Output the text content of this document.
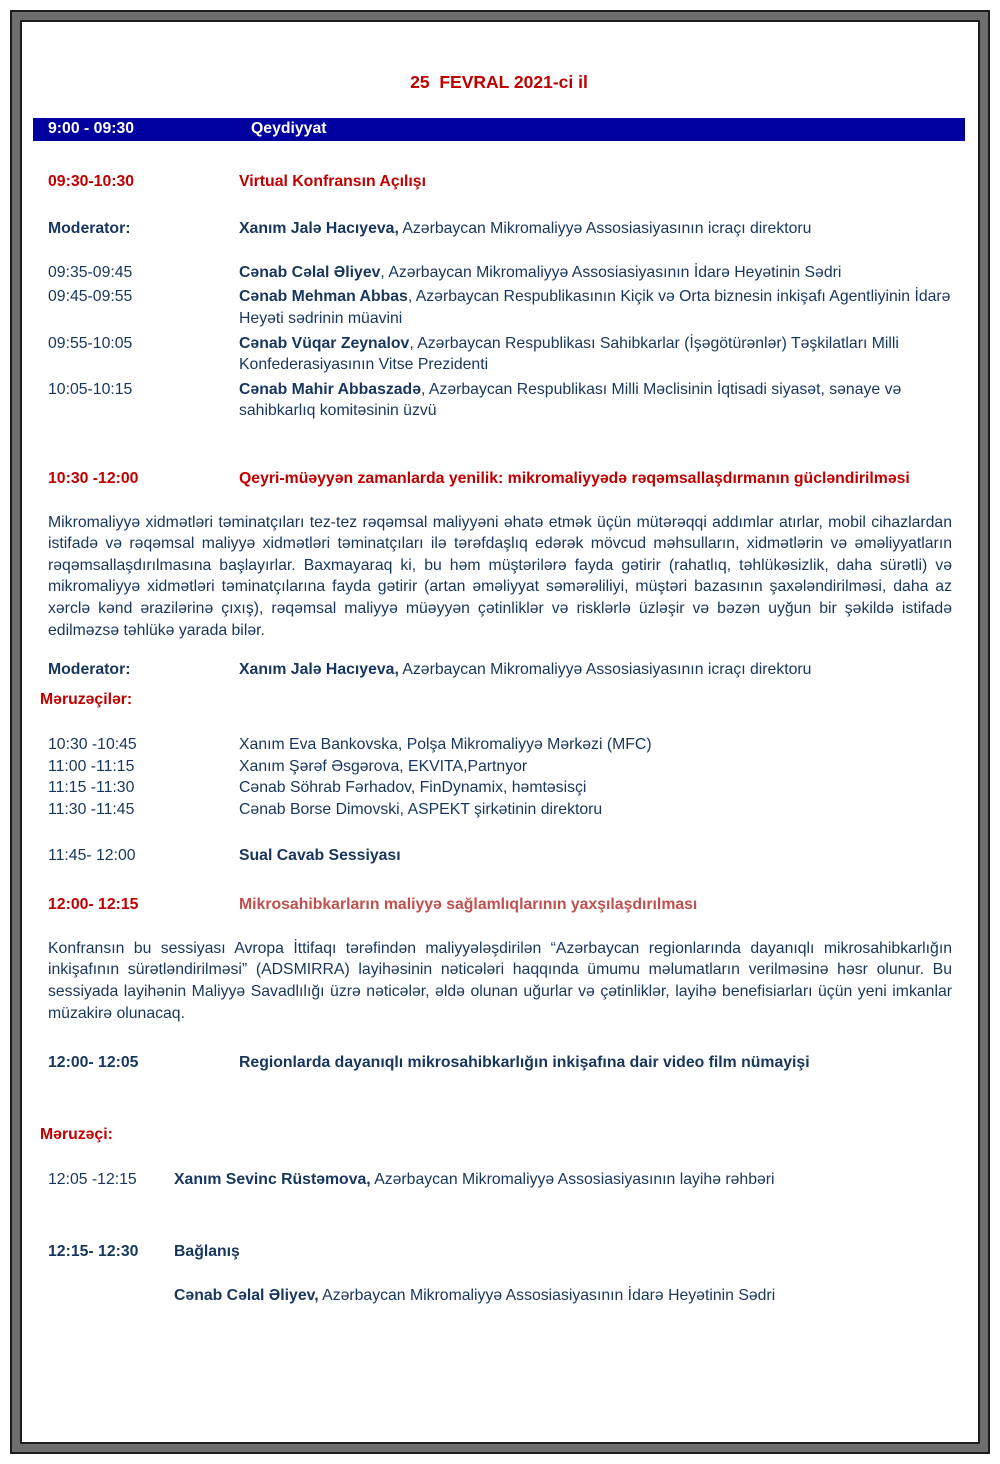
25  FEVRAL 2021-ci il
9:00 - 09:30	Qeydiyyat
09:30-10:30	Virtual Konfransın Açılışı
Moderator:	Xanım Jalə Hacıyeva, Azərbaycan Mikromaliyyə Assosiasiyasının icraçı direktoru
09:35-09:45	Cənab Cəlal Əliyev, Azərbaycan Mikromaliyyə Assosiasiyasının İdarə Heyətinin Sədri
09:45-09:55	Cənab Mehman Abbas, Azərbaycan Respublikasının Kiçik və Orta biznesin inkişafı Agentliyinin İdarə Heyəti sədrinin müavini
09:55-10:05	Cənab Vüqar Zeynalov, Azərbaycan Respublikası Sahibkarlar (İşəgötürənlər) Təşkilatları Milli Konfederasiyasının Vitse Prezidenti
10:05-10:15	Cənab Mahir Abbaszadə, Azərbaycan Respublikası Milli Məclisinin İqtisadi siyasət, sənaye və sahibkarlıq komitəsinin üzvü
10:30 -12:00	Qeyri-müəyyən zamanlarda yenilik: mikromaliyyədə rəqəmsallaşdırmanın gücləndirilməsi

Mikromaliyyə xidmətləri təminatçıları tez-tez rəqəmsal maliyyəni əhatə etmək üçün mütərəqqi addımlar atırlar, mobil cihazlardan istifadə və rəqəmsal maliyyə xidmətləri təminatçıları ilə tərəfdaşlıq edərək mövcud məhsulların, xidmətlərin və əməliyyatların rəqəmsallaşdırılmasına başlayırlar. Baxmayaraq ki, bu həm müştərilərə fayda gətirir (rahatlıq, təhlükəsizlik, daha sürətli) və mikromaliyyə xidmətləri təminatçılarına fayda gətirir (artan əməliyyat səmərəliliyi, müştəri bazasının şaxələndirilməsi, daha az xərclə kənd ərazilərinə çıxış), rəqəmsal maliyyə müəyyən çətinliklər və risklərlə üzləşir və bəzən uyğun bir şəkildə istifadə edilməzsə təhlükə yarada bilər.

Moderator:	Xanım Jalə Hacıyeva, Azərbaycan Mikromaliyyə Assosiasiyasının icraçı direktoru
Məruzəçilər:
10:30 -10:45	Xanım Eva Bankovska, Polşa Mikromaliyyə Mərkəzi (MFC)
11:00 -11:15	Xanım Şərəf Əsgərova, EKVITA,Partnyor
11:15 -11:30	Cənab Söhrab Fərhadov, FinDynamix, həmtəsisçi
11:30 -11:45	Cənab Borse Dimovski, ASPEKT şirkətinin direktoru
11:45- 12:00	Sual Cavab Sessiyası
12:00- 12:15	Mikrosahibkarların maliyyə sağlamlıqlarının yaxşılaşdırılması

Konfransın bu sessiyası Avropa İttifaqı tərəfindən maliyyələşdirilən “Azərbaycan regionlarında dayanıqlı mikrosahibkarlığın inkişafının sürətləndirilməsi” (ADSMIRRA) layihəsinin nəticələri haqqında ümumu məlumatların verilməsinə həsr olunur. Bu sessiyada layihənin Maliyyə Savadlılığı üzrə nəticələr, əldə olunan uğurlar və çətinliklər, layihə benefisiarları üçün yeni imkanlar müzakirə olunacaq.

12:00- 12:05	Regionlarda dayanıqlı mikrosahibkarlığın inkişafına dair video film nümayişi
Məruzəçi:
12:05 -12:15	Xanım Sevinc Rüstəmova, Azərbaycan Mikromaliyyə Assosiasiyasının layihə rəhbəri
12:15- 12:30	Bağlanış
Cənab Cəlal Əliyev, Azərbaycan Mikromaliyyə Assosiasiyasının İdarə Heyətinin Sədri
